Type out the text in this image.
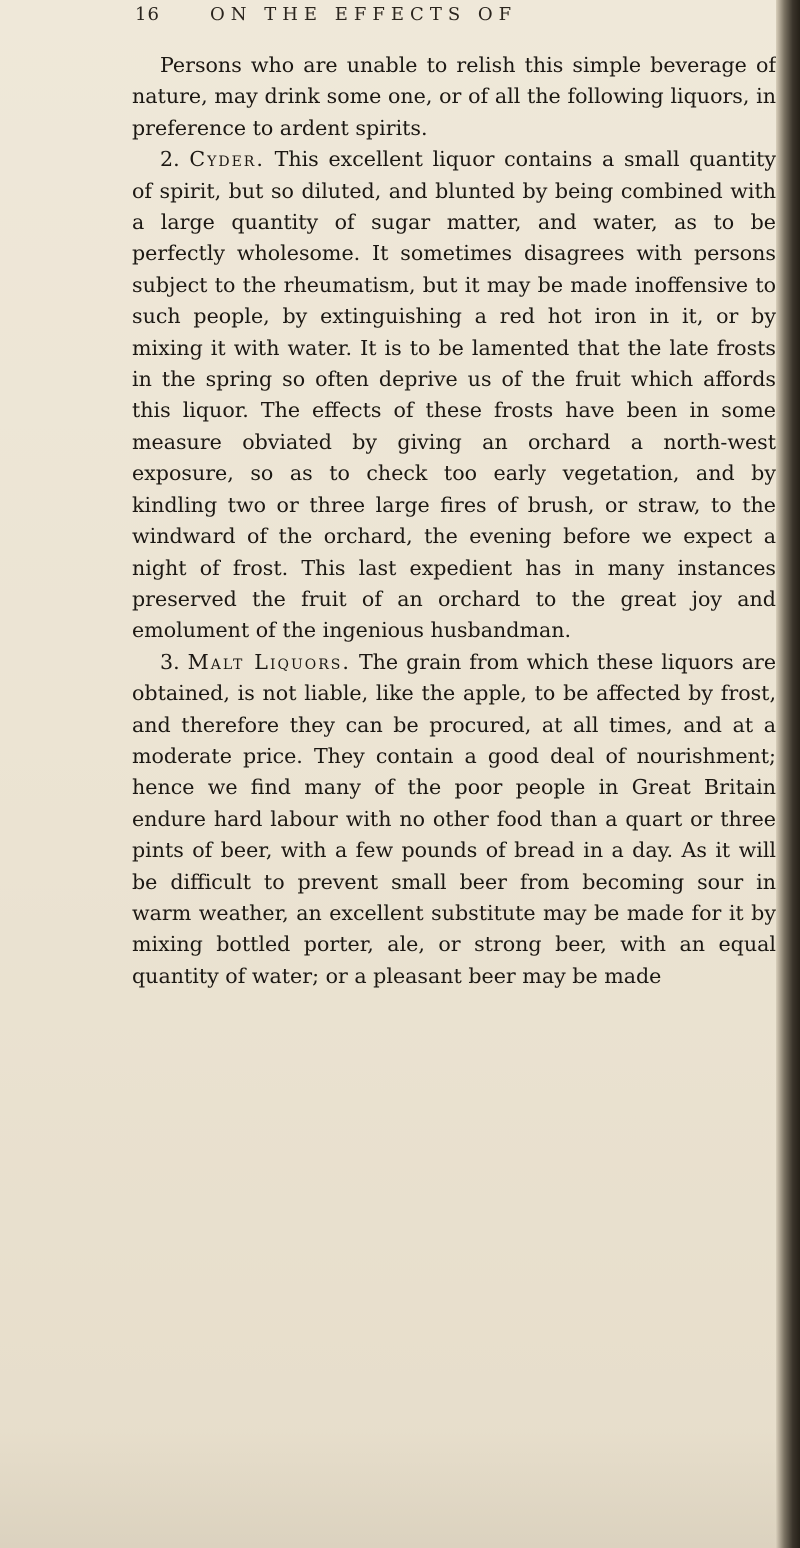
16	ON THE EFFECTS OF

Persons who are unable to relish this simple beverage of nature, may drink some one, or of all the following liquors, in preference to ardent spirits.

2. Cyder. This excellent liquor contains a small quantity of spirit, but so diluted, and blunted by being combined with a large quantity of sugar matter, and water, as to be perfectly wholesome. It sometimes disagrees with persons subject to the rheumatism, but it may be made inoffensive to such people, by extinguishing a red hot iron in it, or by mixing it with water. It is to be lamented that the late frosts in the spring so often deprive us of the fruit which affords this liquor. The effects of these frosts have been in some measure obviated by giving an orchard a north-west exposure, so as to check too early vegetation, and by kindling two or three large fires of brush, or straw, to the windward of the orchard, the evening before we expect a night of frost. This last expedient has in many instances preserved the fruit of an orchard to the great joy and emolument of the ingenious husbandman.

3. Malt Liquors. The grain from which these liquors are obtained, is not liable, like the apple, to be affected by frost, and therefore they can be procured, at all times, and at a moderate price. They contain a good deal of nourishment; hence we find many of the poor people in Great Britain endure hard labour with no other food than a quart or three pints of beer, with a few pounds of bread in a day. As it will be difficult to prevent small beer from becoming sour in warm weather, an excellent substitute may be made for it by mixing bottled porter, ale, or strong beer, with an equal quantity of water; or a pleasant beer may be made
